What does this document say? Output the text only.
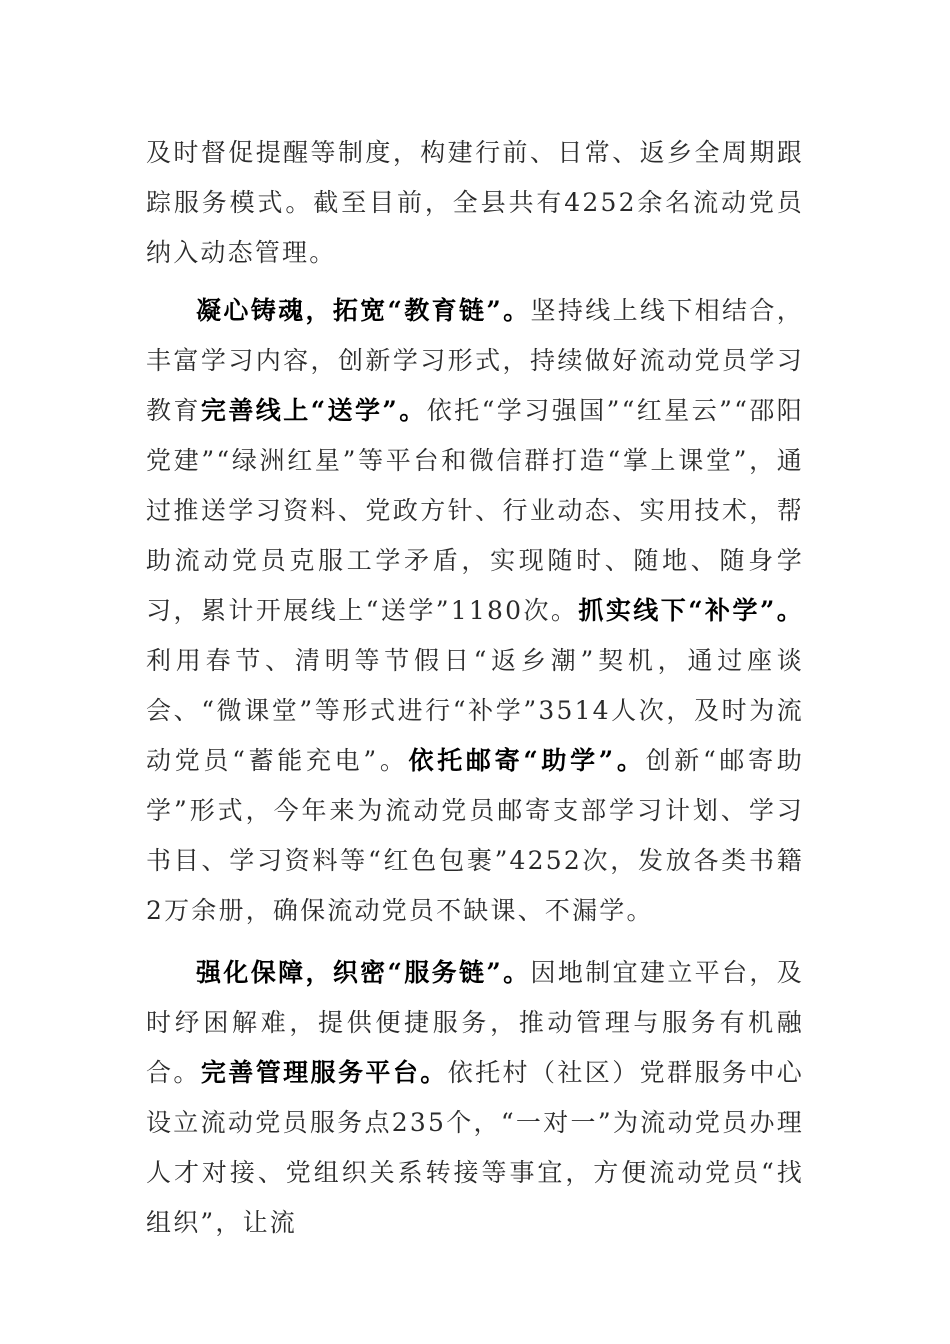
及时督促提醒等制度，构建行前、日常、返乡全周期跟踪服务模式。截至目前，全县共有4252余名流动党员纳入动态管理。

凝心铸魂，拓宽“教育链”。坚持线上线下相结合，丰富学习内容，创新学习形式，持续做好流动党员学习教育完善线上“送学”。依托“学习强国”“红星云”“邵阳党建”“绿洲红星”等平台和微信群打造“掌上课堂”，通过推送学习资料、党政方针、行业动态、实用技术，帮助流动党员克服工学矛盾，实现随时、随地、随身学习，累计开展线上“送学”1180次。抓实线下“补学”。利用春节、清明等节假日“返乡潮”契机，通过座谈会、“微课堂”等形式进行“补学”3514人次，及时为流动党员“蓄能充电”。依托邮寄“助学”。创新“邮寄助学”形式，今年来为流动党员邮寄支部学习计划、学习书目、学习资料等“红色包裹”4252次，发放各类书籍2万余册，确保流动党员不缺课、不漏学。

强化保障，织密“服务链”。因地制宜建立平台，及时纾困解难，提供便捷服务，推动管理与服务有机融合。完善管理服务平台。依托村（社区）党群服务中心设立流动党员服务点235个，“一对一”为流动党员办理人才对接、党组织关系转接等事宜，方便流动党员“找组织”，让流
